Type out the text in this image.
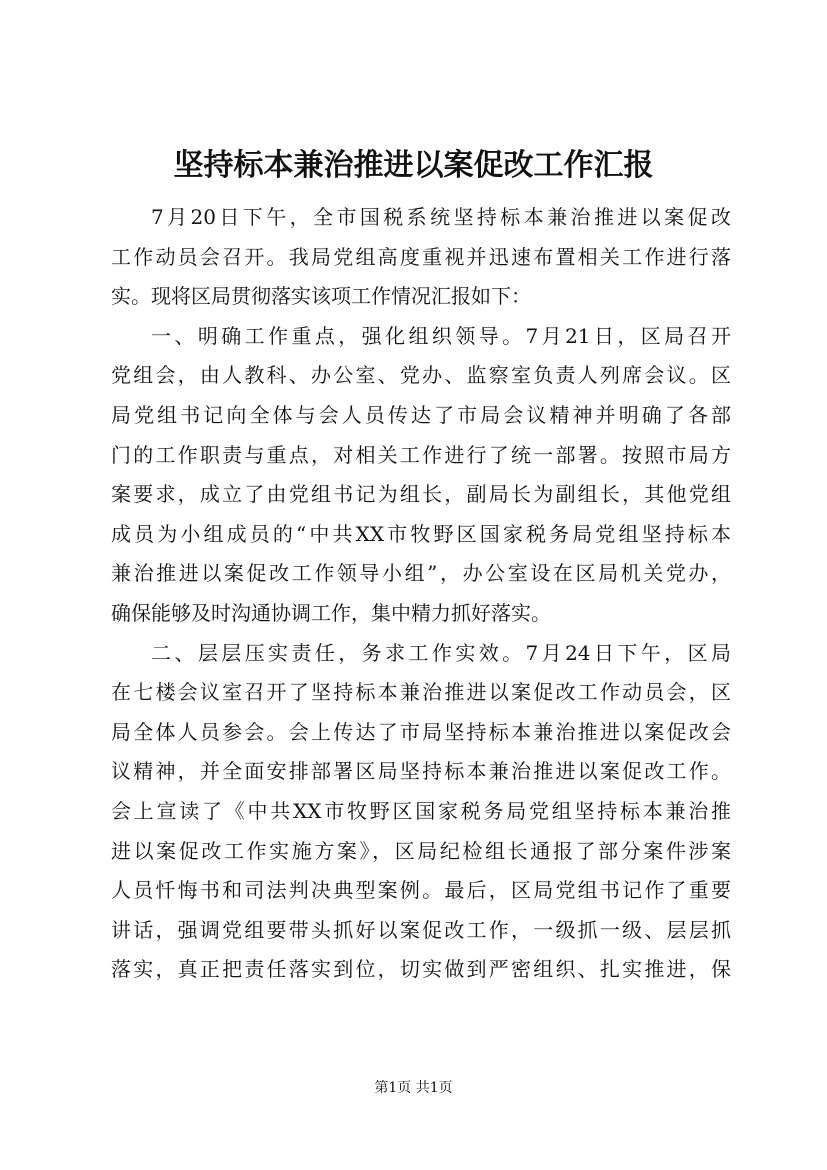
坚持标本兼治推进以案促改工作汇报
7月20日下午，全市国税系统坚持标本兼治推进以案促改
工作动员会召开。我局党组高度重视并迅速布置相关工作进行落
实。现将区局贯彻落实该项工作情况汇报如下：
一、明确工作重点，强化组织领导。7月21日，区局召开
党组会，由人教科、办公室、党办、监察室负责人列席会议。区
局党组书记向全体与会人员传达了市局会议精神并明确了各部
门的工作职责与重点，对相关工作进行了统一部署。按照市局方
案要求，成立了由党组书记为组长，副局长为副组长，其他党组
成员为小组成员的“中共XX市牧野区国家税务局党组坚持标本
兼治推进以案促改工作领导小组”，办公室设在区局机关党办，
确保能够及时沟通协调工作，集中精力抓好落实。
二、层层压实责任，务求工作实效。7月24日下午，区局
在七楼会议室召开了坚持标本兼治推进以案促改工作动员会，区
局全体人员参会。会上传达了市局坚持标本兼治推进以案促改会
议精神，并全面安排部署区局坚持标本兼治推进以案促改工作。
会上宣读了《中共XX市牧野区国家税务局党组坚持标本兼治推
进以案促改工作实施方案》，区局纪检组长通报了部分案件涉案
人员忏悔书和司法判决典型案例。最后，区局党组书记作了重要
讲话，强调党组要带头抓好以案促改工作，一级抓一级、层层抓
落实，真正把责任落实到位，切实做到严密组织、扎实推进，保
第1页 共1页
